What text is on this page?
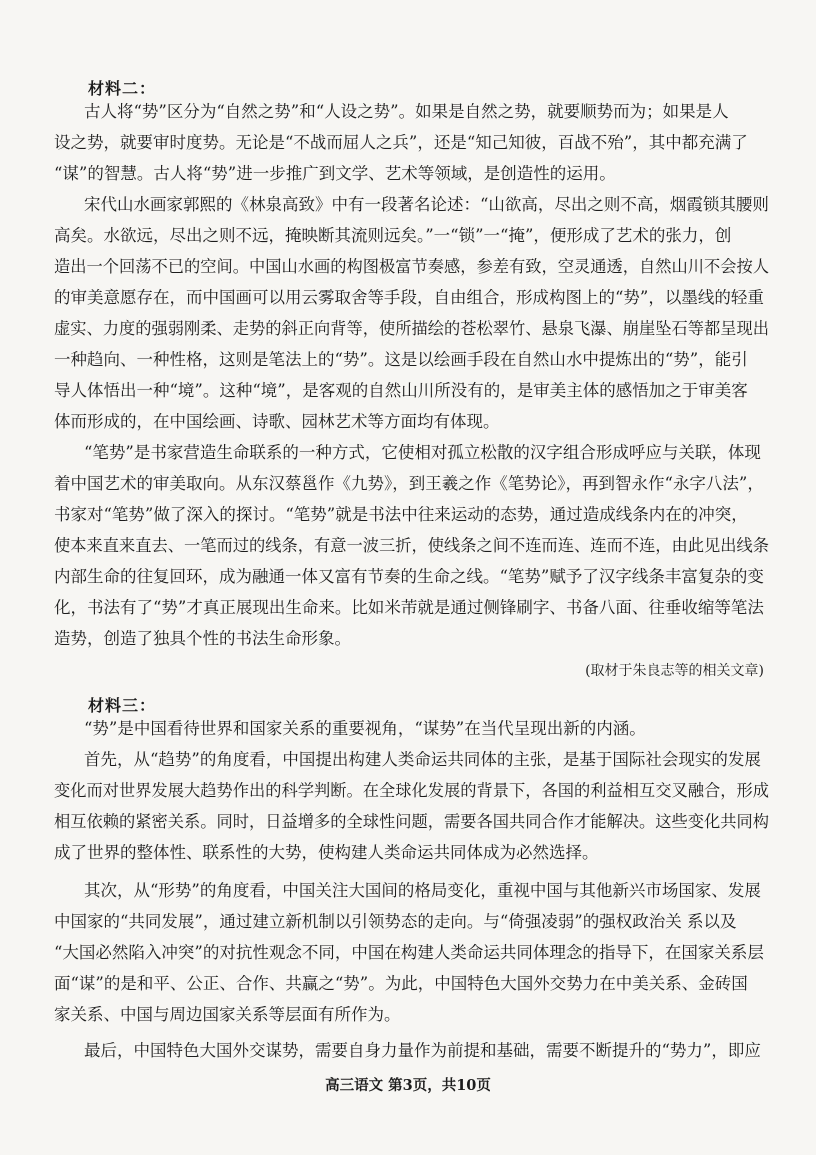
材料二：
古人将“势”区分为“自然之势”和“人设之势”。如果是自然之势，就要顺势而为；如果是人
设之势，就要审时度势。无论是“不战而屈人之兵”，还是“知己知彼，百战不殆”，其中都充满了
“谋”的智慧。古人将“势”进一步推广到文学、艺术等领域，是创造性的运用。
宋代山水画家郭熙的《林泉高致》中有一段著名论述：“山欲高，尽出之则不高，烟霞锁其腰则
高矣。水欲远，尽出之则不远，掩映断其流则远矣。”一“锁”一“掩”，便形成了艺术的张力，创
造出一个回荡不已的空间。中国山水画的构图极富节奏感，参差有致，空灵通透，自然山川不会按人
的审美意愿存在，而中国画可以用云雾取舍等手段，自由组合，形成构图上的“势”，以墨线的轻重
虚实、力度的强弱刚柔、走势的斜正向背等，使所描绘的苍松翠竹、悬泉飞瀑、崩崖坠石等都呈现出
一种趋向、一种性格，这则是笔法上的“势”。这是以绘画手段在自然山水中提炼出的“势”，能引
导人体悟出一种“境”。这种“境”，是客观的自然山川所没有的，是审美主体的感悟加之于审美客
体而形成的，在中国绘画、诗歌、园林艺术等方面均有体现。
“笔势”是书家营造生命联系的一种方式，它使相对孤立松散的汉字组合形成呼应与关联，体现
着中国艺术的审美取向。从东汉蔡邕作《九势》，到王羲之作《笔势论》，再到智永作“永字八法”，
书家对“笔势”做了深入的探讨。“笔势”就是书法中往来运动的态势，通过造成线条内在的冲突，
使本来直来直去、一笔而过的线条，有意一波三折，使线条之间不连而连、连而不连，由此见出线条
内部生命的往复回环，成为融通一体又富有节奏的生命之线。“笔势”赋予了汉字线条丰富复杂的变
化，书法有了“势”才真正展现出生命来。比如米芾就是通过侧锋刷字、书备八面、往垂收缩等笔法
造势，创造了独具个性的书法生命形象。
(取材于朱良志等的相关文章)
材料三：
“势”是中国看待世界和国家关系的重要视角，“谋势”在当代呈现出新的内涵。
首先，从“趋势”的角度看，中国提出构建人类命运共同体的主张，是基于国际社会现实的发展
变化而对世界发展大趋势作出的科学判断。在全球化发展的背景下，各国的利益相互交叉融合，形成
相互依赖的紧密关系。同时，日益增多的全球性问题，需要各国共同合作才能解决。这些变化共同构
成了世界的整体性、联系性的大势，使构建人类命运共同体成为必然选择。
其次，从“形势”的角度看，中国关注大国间的格局变化，重视中国与其他新兴市场国家、发展
中国家的“共同发展”，通过建立新机制以引领势态的走向。与“倚强凌弱”的强权政治关 系以及
“大国必然陷入冲突”的对抗性观念不同，中国在构建人类命运共同体理念的指导下，在国家关系层
面“谋”的是和平、公正、合作、共赢之“势”。为此，中国特色大国外交势力在中美关系、金砖国
家关系、中国与周边国家关系等层面有所作为。
最后，中国特色大国外交谋势，需要自身力量作为前提和基础，需要不断提升的“势力”，即应
高三语文 第3页，共10页
